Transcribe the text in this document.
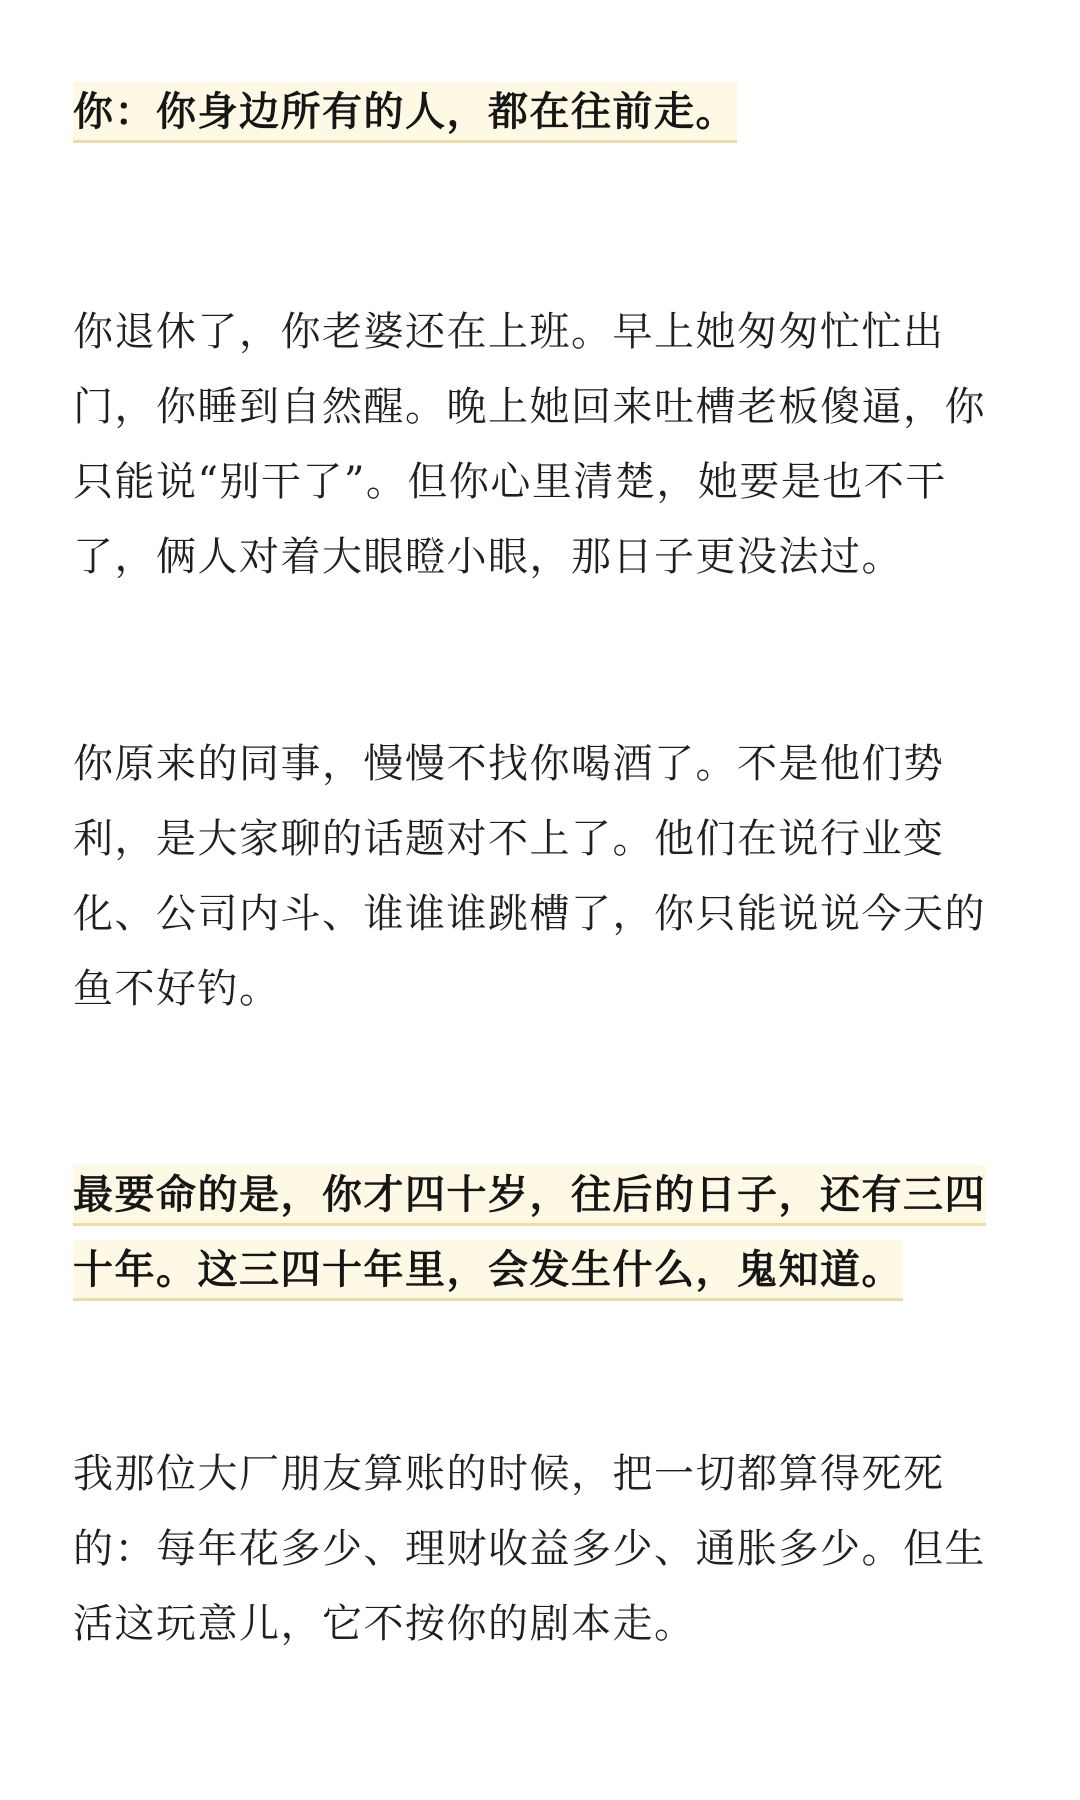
你：你身边所有的人，都在往前走。

你退休了，你老婆还在上班。早上她匆匆忙忙出门，你睡到自然醒。晚上她回来吐槽老板傻逼，你只能说“别干了”。但你心里清楚，她要是也不干了，俩人对着大眼瞪小眼，那日子更没法过。

你原来的同事，慢慢不找你喝酒了。不是他们势利，是大家聊的话题对不上了。他们在说行业变化、公司内斗、谁谁谁跳槽了，你只能说说今天的鱼不好钓。

最要命的是，你才四十岁，往后的日子，还有三四十年。这三四十年里，会发生什么，鬼知道。

我那位大厂朋友算账的时候，把一切都算得死死的：每年花多少、理财收益多少、通胀多少。但生活这玩意儿，它不按你的剧本走。
